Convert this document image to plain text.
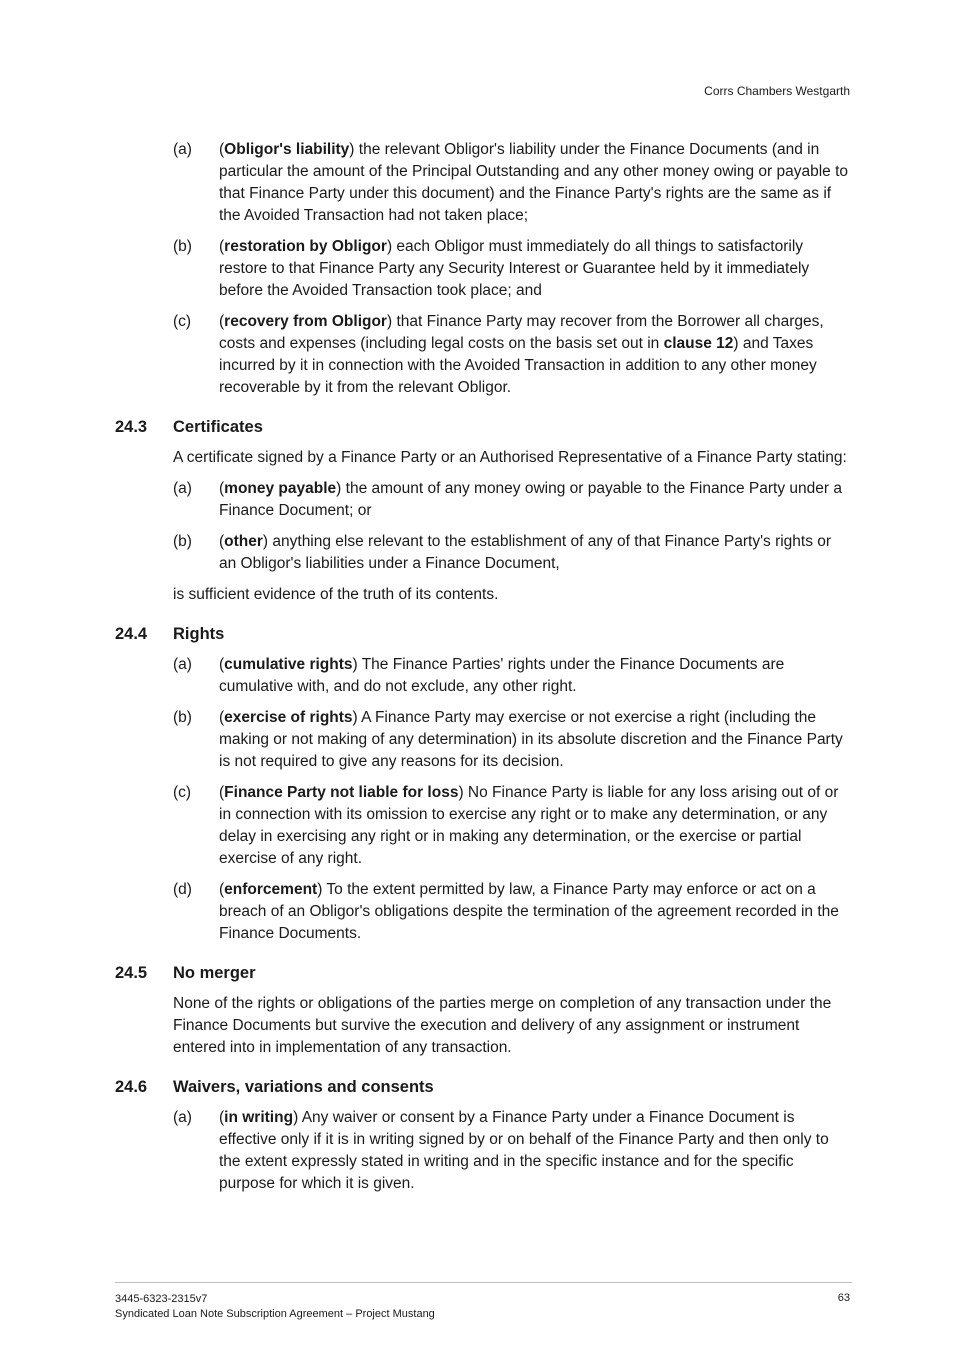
Corrs Chambers Westgarth
(a)	(Obligor's liability) the relevant Obligor's liability under the Finance Documents (and in particular the amount of the Principal Outstanding and any other money owing or payable to that Finance Party under this document) and the Finance Party's rights are the same as if the Avoided Transaction had not taken place;
(b)	(restoration by Obligor) each Obligor must immediately do all things to satisfactorily restore to that Finance Party any Security Interest or Guarantee held by it immediately before the Avoided Transaction took place; and
(c)	(recovery from Obligor) that Finance Party may recover from the Borrower all charges, costs and expenses (including legal costs on the basis set out in clause 12) and Taxes incurred by it in connection with the Avoided Transaction in addition to any other money recoverable by it from the relevant Obligor.
24.3	Certificates
A certificate signed by a Finance Party or an Authorised Representative of a Finance Party stating:
(a)	(money payable) the amount of any money owing or payable to the Finance Party under a Finance Document; or
(b)	(other) anything else relevant to the establishment of any of that Finance Party's rights or an Obligor's liabilities under a Finance Document,
is sufficient evidence of the truth of its contents.
24.4	Rights
(a)	(cumulative rights) The Finance Parties' rights under the Finance Documents are cumulative with, and do not exclude, any other right.
(b)	(exercise of rights) A Finance Party may exercise or not exercise a right (including the making or not making of any determination) in its absolute discretion and the Finance Party is not required to give any reasons for its decision.
(c)	(Finance Party not liable for loss) No Finance Party is liable for any loss arising out of or in connection with its omission to exercise any right or to make any determination, or any delay in exercising any right or in making any determination, or the exercise or partial exercise of any right.
(d)	(enforcement) To the extent permitted by law, a Finance Party may enforce or act on a breach of an Obligor's obligations despite the termination of the agreement recorded in the Finance Documents.
24.5	No merger
None of the rights or obligations of the parties merge on completion of any transaction under the Finance Documents but survive the execution and delivery of any assignment or instrument entered into in implementation of any transaction.
24.6	Waivers, variations and consents
(a)	(in writing) Any waiver or consent by a Finance Party under a Finance Document is effective only if it is in writing signed by or on behalf of the Finance Party and then only to the extent expressly stated in writing and in the specific instance and for the specific purpose for which it is given.
3445-6323-2315v7
Syndicated Loan Note Subscription Agreement – Project Mustang
63
